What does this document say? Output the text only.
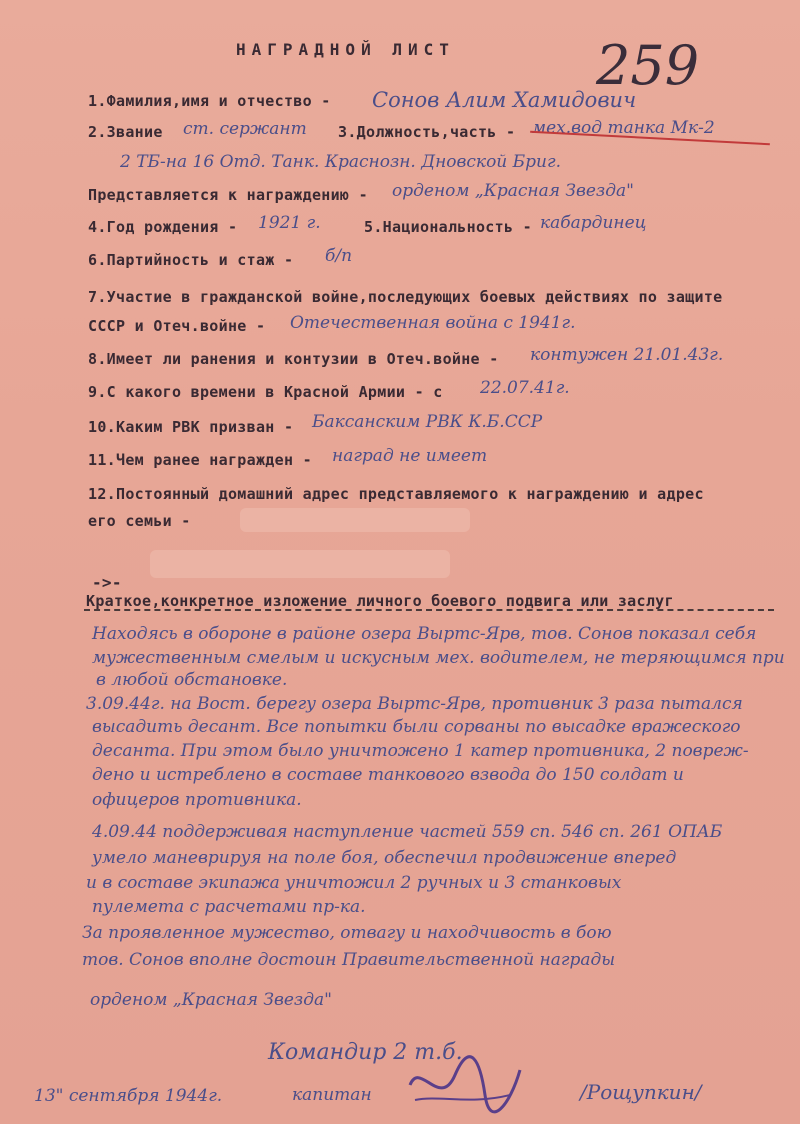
НАГРАДНОЙ ЛИСТ	259
1.Фамилия,имя и отчество - Сонов Алим Хамидович
2.Звание ст. сержант 3.Должность,часть - мех.вод танка Мк-2
2 ТБ-на 16 Отд. Танк. Краснозн. Дновской Бриг.
Представляется к награждению - орденом „Красная Звезда"
4.Год рождения - 1921 г.	5.Национальность - кабардинец
6.Партийность и стаж - б/п
7.Участие в гражданской войне,последующих боевых действиях по защите
СССР и Отеч.войне - Отечественная война с 1941г.
8.Имеет ли ранения и контузии в Отеч.войне - контужен 21.01.43г.
9.С какого времени в Красной Армии - с 22.07.41г.
10.Каким РВК призван - Баксанским РВК К.Б.ССР
11.Чем ранее награжден - наград не имеет
12.Постоянный домашний адрес представляемого к награждению и адрес
его семьи -
->-
Краткое,конкретное изложение личного боевого подвига или заслуг
Находясь в обороне в районе озера Выртс-Ярв, тов. Сонов показал себя
мужественным смелым и искусным мех. водителем, не теряющимся при
в любой обстановке.
3.09.44г. на Вост. берегу озера Выртс-Ярв, противник 3 раза пытался
высадить десант. Все попытки были сорваны по высадке вражеского
десанта. При этом было уничтожено 1 катер противника, 2 повреж-
дено и истреблено в составе танкового взвода до 150 солдат и
офицеров противника.
4.09.44 поддерживая наступление частей 559 сп. 546 сп. 261 ОПАБ
умело маневрируя на поле боя, обеспечил продвижение вперед
и в составе экипажа уничтожил 2 ручных и 3 станковых
пулемета с расчетами пр-ка.
За проявленное мужество, отвагу и находчивость в бою
тов. Сонов вполне достоин Правительственной награды
орденом „Красная Звезда"
Командир 2 т.б.
капитан	/Рощупкин/
13" сентября 1944г.
